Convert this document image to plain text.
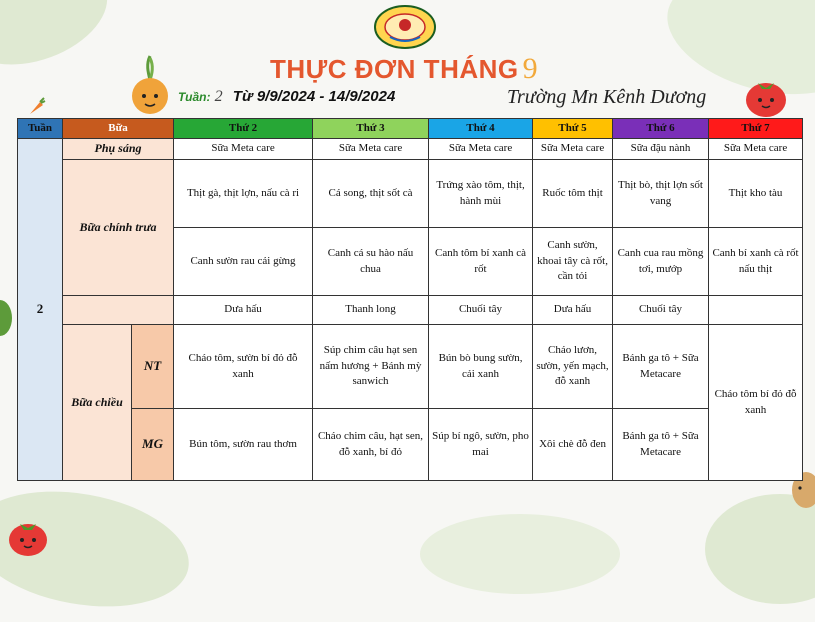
THỰC ĐƠN THÁNG 9
Tuần: 2 Từ 9/9/2024 - 14/9/2024	Trường Mn Kênh Dương
Tuần	Bữa		Thứ 2	Thứ 3	Thứ 4	Thứ 5	Thứ 6	Thứ 7
2	Phụ sáng		Sữa Meta care	Sữa Meta care	Sữa Meta care	Sữa Meta care	Sữa đậu nành	Sữa Meta care
	Bữa chính trưa		Thịt gà, thịt lợn, nấu cà ri	Cá song, thịt sốt cà	Trứng xào tôm, thịt, hành mùi	Ruốc tôm thịt	Thịt bò, thịt lợn sốt vang	Thịt kho tàu
			Canh sườn rau cải gừng	Canh cá su hào nấu chua	Canh tôm bí xanh cà rốt	Canh sườn, khoai tây cà rốt, cần tỏi	Canh cua rau mồng tơi, mướp	Canh bí xanh cà rốt nấu thịt
			Dưa hấu	Thanh long	Chuối tây	Dưa hấu	Chuối tây	
	Bữa chiều	NT	Cháo tôm, sườn bí đỏ đỗ xanh	Súp chim câu hạt sen nấm hương + Bánh mỳ sanwich	Bún bò bung sườn, cải xanh	Cháo lươn, sườn, yến mạch, đỗ xanh	Bánh ga tô + Sữa Metacare	Cháo tôm bí đỏ đỗ xanh
		MG	Bún tôm, sườn rau thơm	Cháo chim câu, hạt sen, đỗ xanh, bí đỏ	Súp bí ngô, sườn, pho mai	Xôi chè đỗ đen	Bánh ga tô + Sữa Metacare	
